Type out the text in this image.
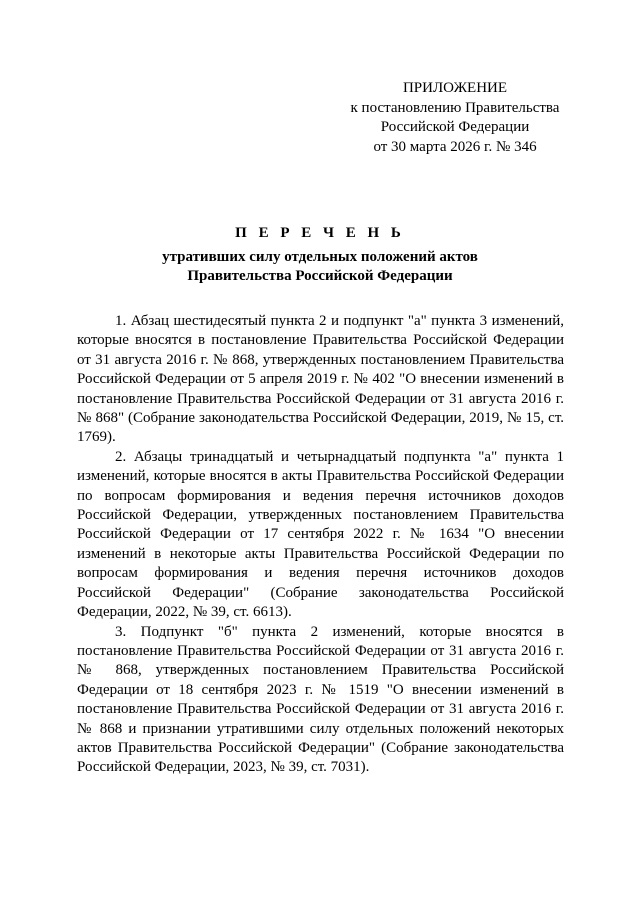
ПРИЛОЖЕНИЕ
к постановлению Правительства
Российской Федерации
от 30 марта 2026 г. № 346
П Е Р Е Ч Е Н Ь
утративших силу отдельных положений актов
Правительства Российской Федерации

1. Абзац шестидесятый пункта 2 и подпункт "а" пункта 3 изменений, которые вносятся в постановление Правительства Российской Федерации от 31 августа 2016 г. № 868, утвержденных постановлением Правительства Российской Федерации от 5 апреля 2019 г. № 402 "О внесении изменений в постановление Правительства Российской Федерации от 31 августа 2016 г. № 868" (Собрание законодательства Российской Федерации, 2019, № 15, ст. 1769).

2. Абзацы тринадцатый и четырнадцатый подпункта "а" пункта 1 изменений, которые вносятся в акты Правительства Российской Федерации по вопросам формирования и ведения перечня источников доходов Российской Федерации, утвержденных постановлением Правительства Российской Федерации от 17 сентября 2022 г. № 1634 "О внесении изменений в некоторые акты Правительства Российской Федерации по вопросам формирования и ведения перечня источников доходов Российской Федерации" (Собрание законодательства Российской Федерации, 2022, № 39, ст. 6613).

3. Подпункт "б" пункта 2 изменений, которые вносятся в постановление Правительства Российской Федерации от 31 августа 2016 г. № 868, утвержденных постановлением Правительства Российской Федерации от 18 сентября 2023 г. № 1519 "О внесении изменений в постановление Правительства Российской Федерации от 31 августа 2016 г. № 868 и признании утратившими силу отдельных положений некоторых актов Правительства Российской Федерации" (Собрание законодательства Российской Федерации, 2023, № 39, ст. 7031).
